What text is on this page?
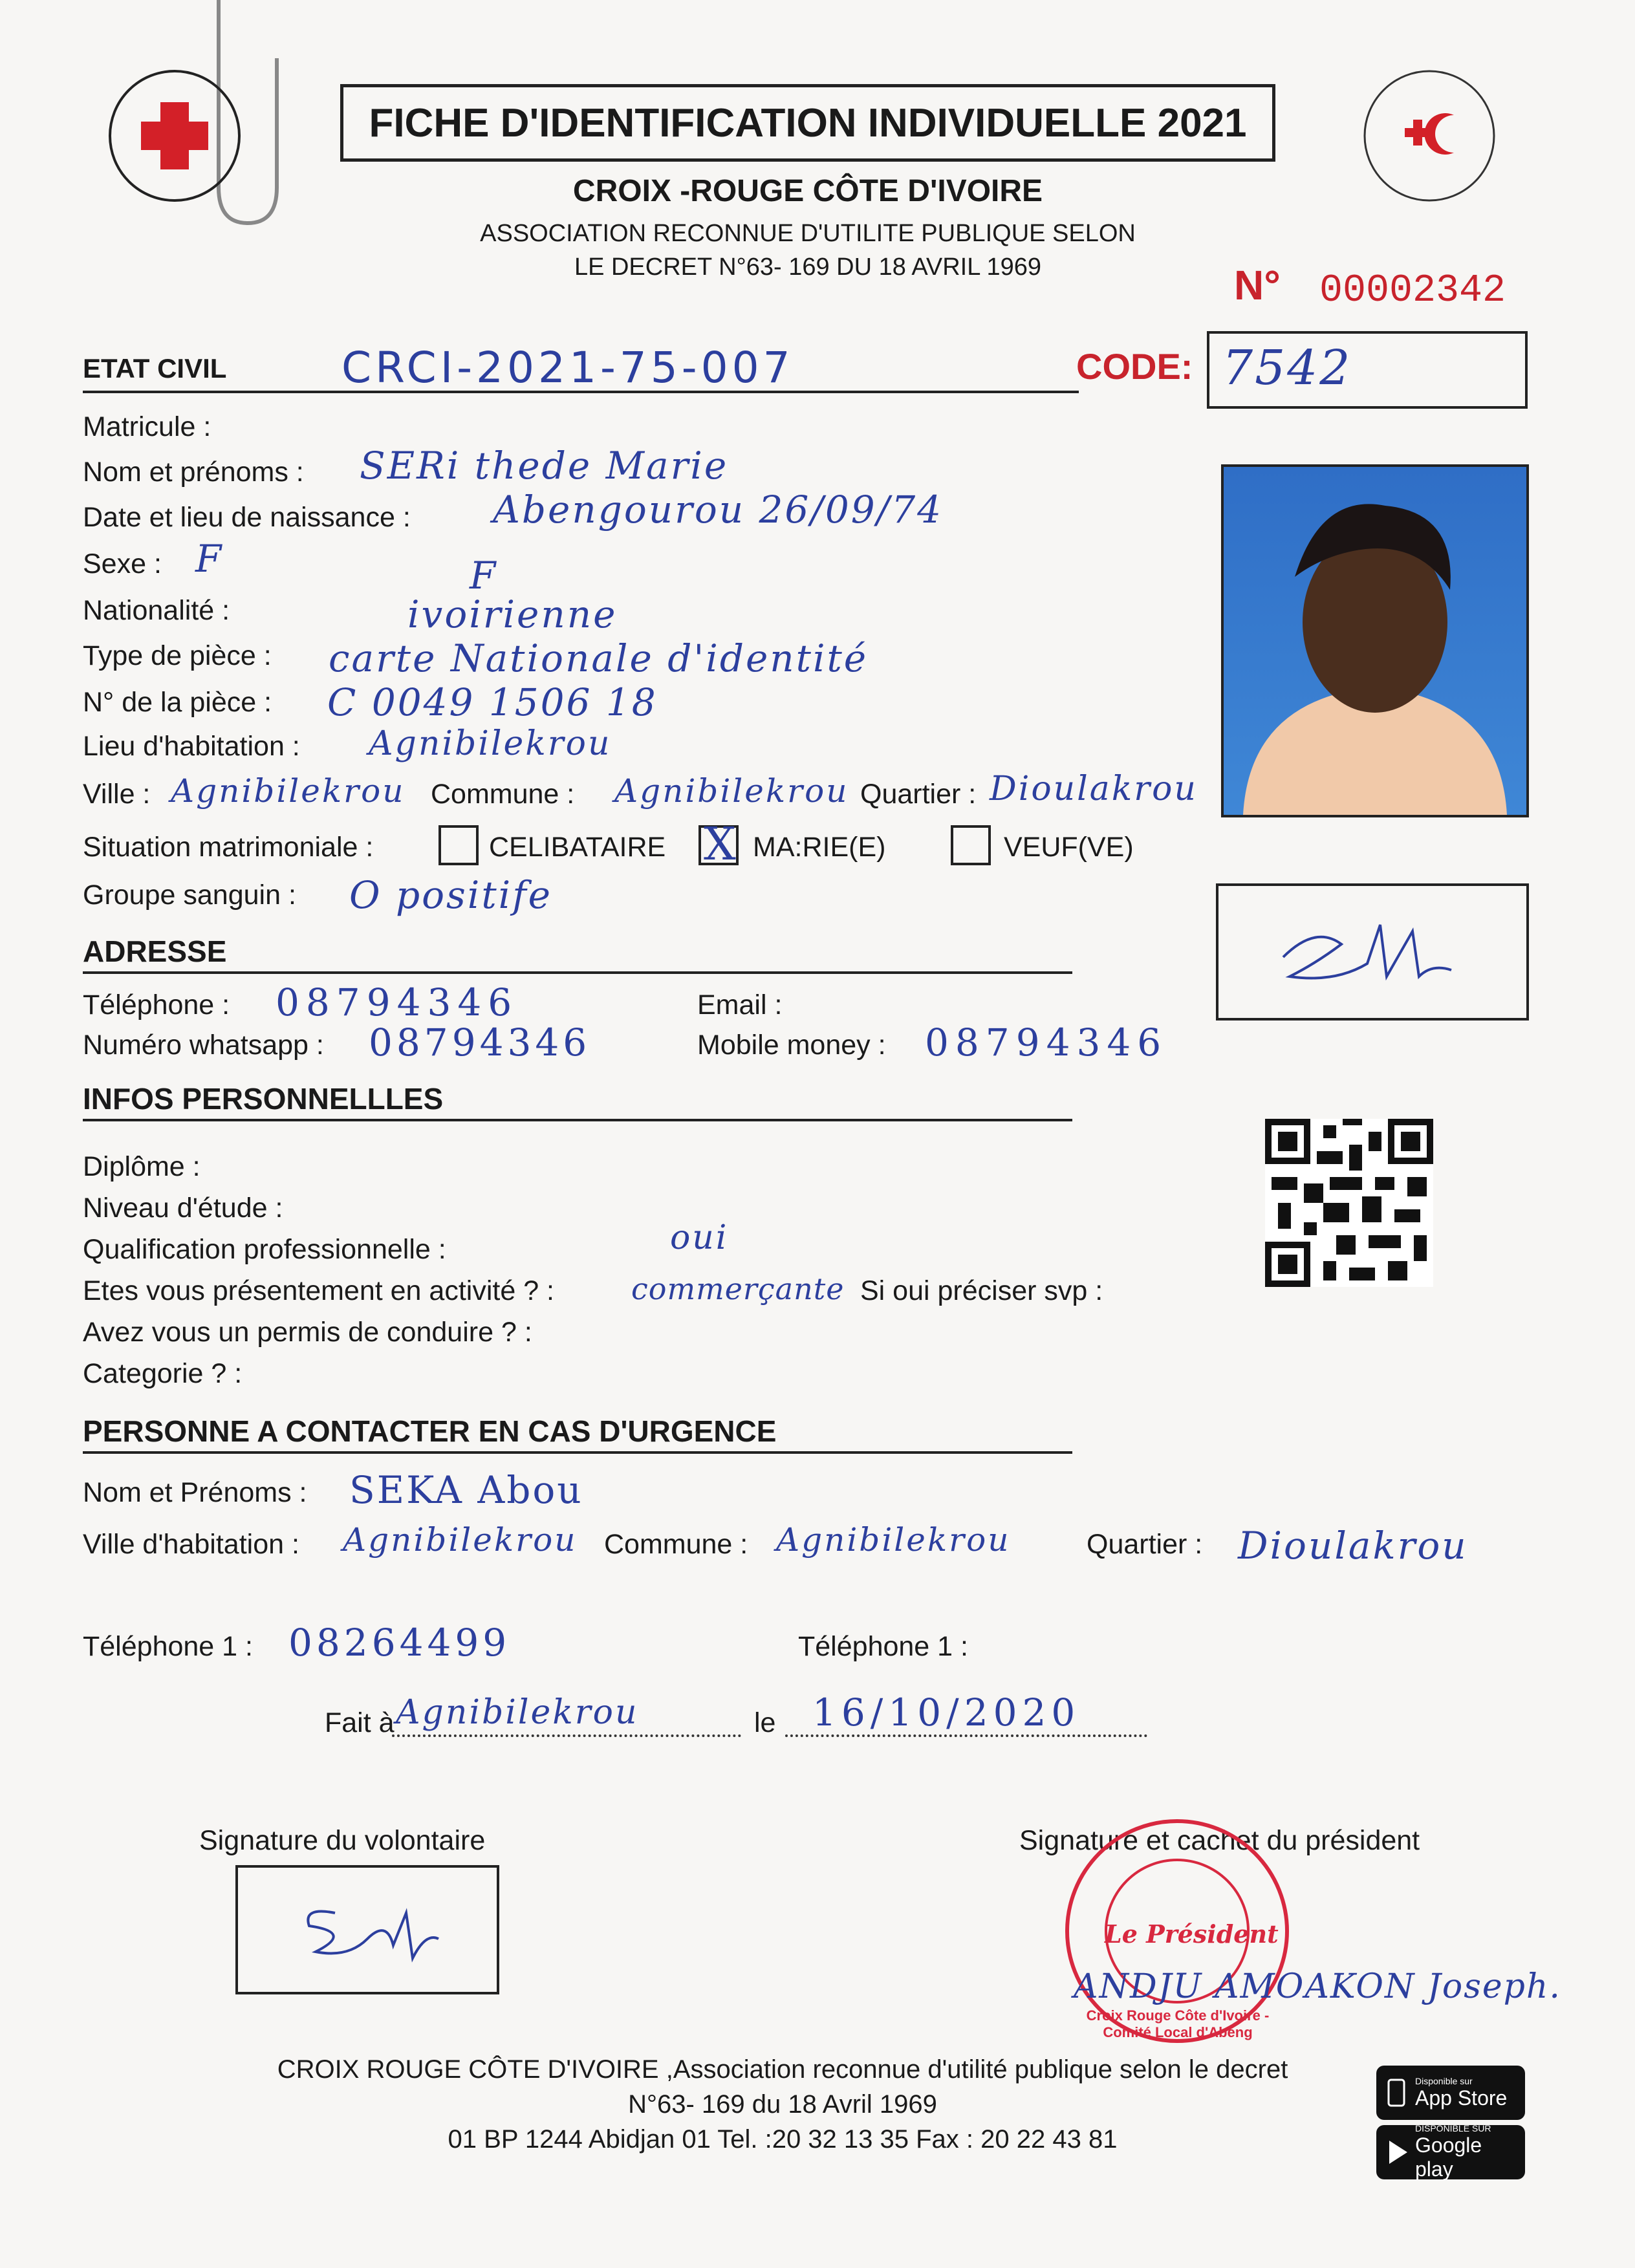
FICHE D'IDENTIFICATION INDIVIDUELLE 2021
CROIX -ROUGE CÔTE D'IVOIRE
ASSOCIATION RECONNUE D'UTILITE PUBLIQUE SELON
LE DECRET N°63- 169 DU 18 AVRIL 1969	N° 00002342
ETAT CIVIL	CRCI-2021-75-007	CODE: 7542
Matricule :
Nom et prénoms : SERi thede Marie
Date et lieu de naissance : Abengourou 26/09/74
Sexe : F	F
Nationalité :	ivoirienne
Type de pièce : carte Nationale d'identité
N° de la pièce : C 0049 1506 18
Lieu d'habitation : Agnibilekrou
Ville : Agnibilekrou Commune : Agnibilekrou Quartier : Dioulakrou
Situation matrimoniale :	CELIBATAIRE X MA:RIE(E)	VEUF(VE)
Groupe sanguin : O positife
ADRESSE
Téléphone : 08794346	Email :
Numéro whatsapp : 08794346	Mobile money : 08794346
INFOS PERSONNELLLES
Diplôme :
Niveau d'étude :
Qualification professionnelle :	oui
Etes vous présentement en activité ? :	commerçante Si oui préciser svp :
Avez vous un permis de conduire ? :
Categorie ? :
PERSONNE A CONTACTER EN CAS D'URGENCE
Nom et Prénoms : SEKA Abou
Ville d'habitation : Agnibilekrou Commune : Agnibilekrou	Quartier : Dioulakrou
Téléphone 1 : 08264499	Téléphone 1 :
Fait à Agnibilekrou	le 16/10/2020
Signature du volontaire	Signature et cachet du président
Croix Rouge Côte d'Ivoire - Comité Local d'Abeng
Le Président
ANDJU AMOAKON Joseph.
CROIX ROUGE CÔTE D'IVOIRE ,Association reconnue d'utilité publique selon le decret
N°63- 169 du 18 Avril 1969
01 BP 1244 Abidjan 01 Tel. :20 32 13 35 Fax : 20 22 43 81
Disponible sur
App Store
DISPONIBLE SUR
Google play
